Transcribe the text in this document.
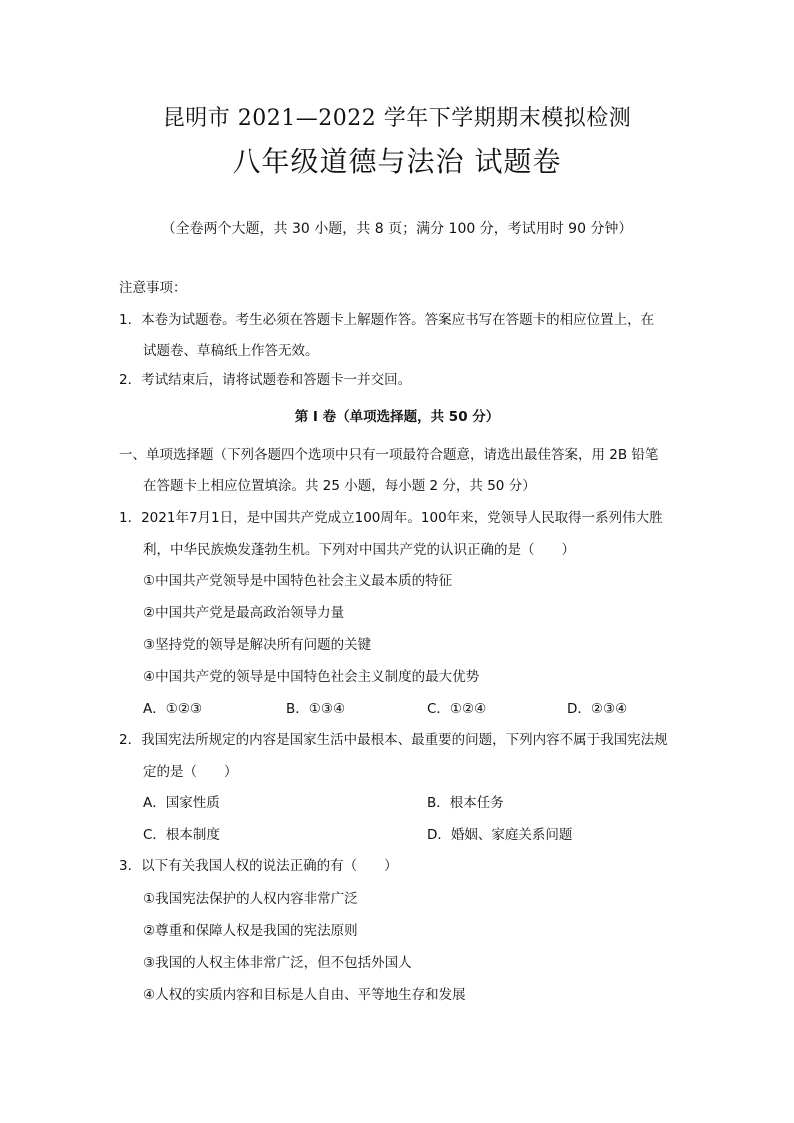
昆明市 2021—2022 学年下学期期末模拟检测
八年级道德与法治 试题卷
（全卷两个大题，共 30 小题，共 8 页；满分 100 分，考试用时 90 分钟）
注意事项：
1．本卷为试题卷。考生必须在答题卡上解题作答。答案应书写在答题卡的相应位置上，在
试题卷、草稿纸上作答无效。
2．考试结束后，请将试题卷和答题卡一并交回。
第 I 卷（单项选择题，共 50 分）
一、单项选择题（下列各题四个选项中只有一项最符合题意，请选出最佳答案，用 2B 铅笔
在答题卡上相应位置填涂。共 25 小题，每小题 2 分，共 50 分）
1．2021年7月1日，是中国共产党成立100周年。100年来，党领导人民取得一系列伟大胜
利，中华民族焕发蓬勃生机。下列对中国共产党的认识正确的是（　　）
①中国共产党领导是中国特色社会主义最本质的特征
②中国共产党是最高政治领导力量
③坚持党的领导是解决所有问题的关键
④中国共产党的领导是中国特色社会主义制度的最大优势
A．①②③	B．①③④	C．①②④	D．②③④
2．我国宪法所规定的内容是国家生活中最根本、最重要的问题，下列内容不属于我国宪法规
定的是（　　）
A．国家性质	B．根本任务
C．根本制度	D．婚姻、家庭关系问题
3．以下有关我国人权的说法正确的有（　　）
①我国宪法保护的人权内容非常广泛
②尊重和保障人权是我国的宪法原则
③我国的人权主体非常广泛，但不包括外国人
④人权的实质内容和目标是人自由、平等地生存和发展
